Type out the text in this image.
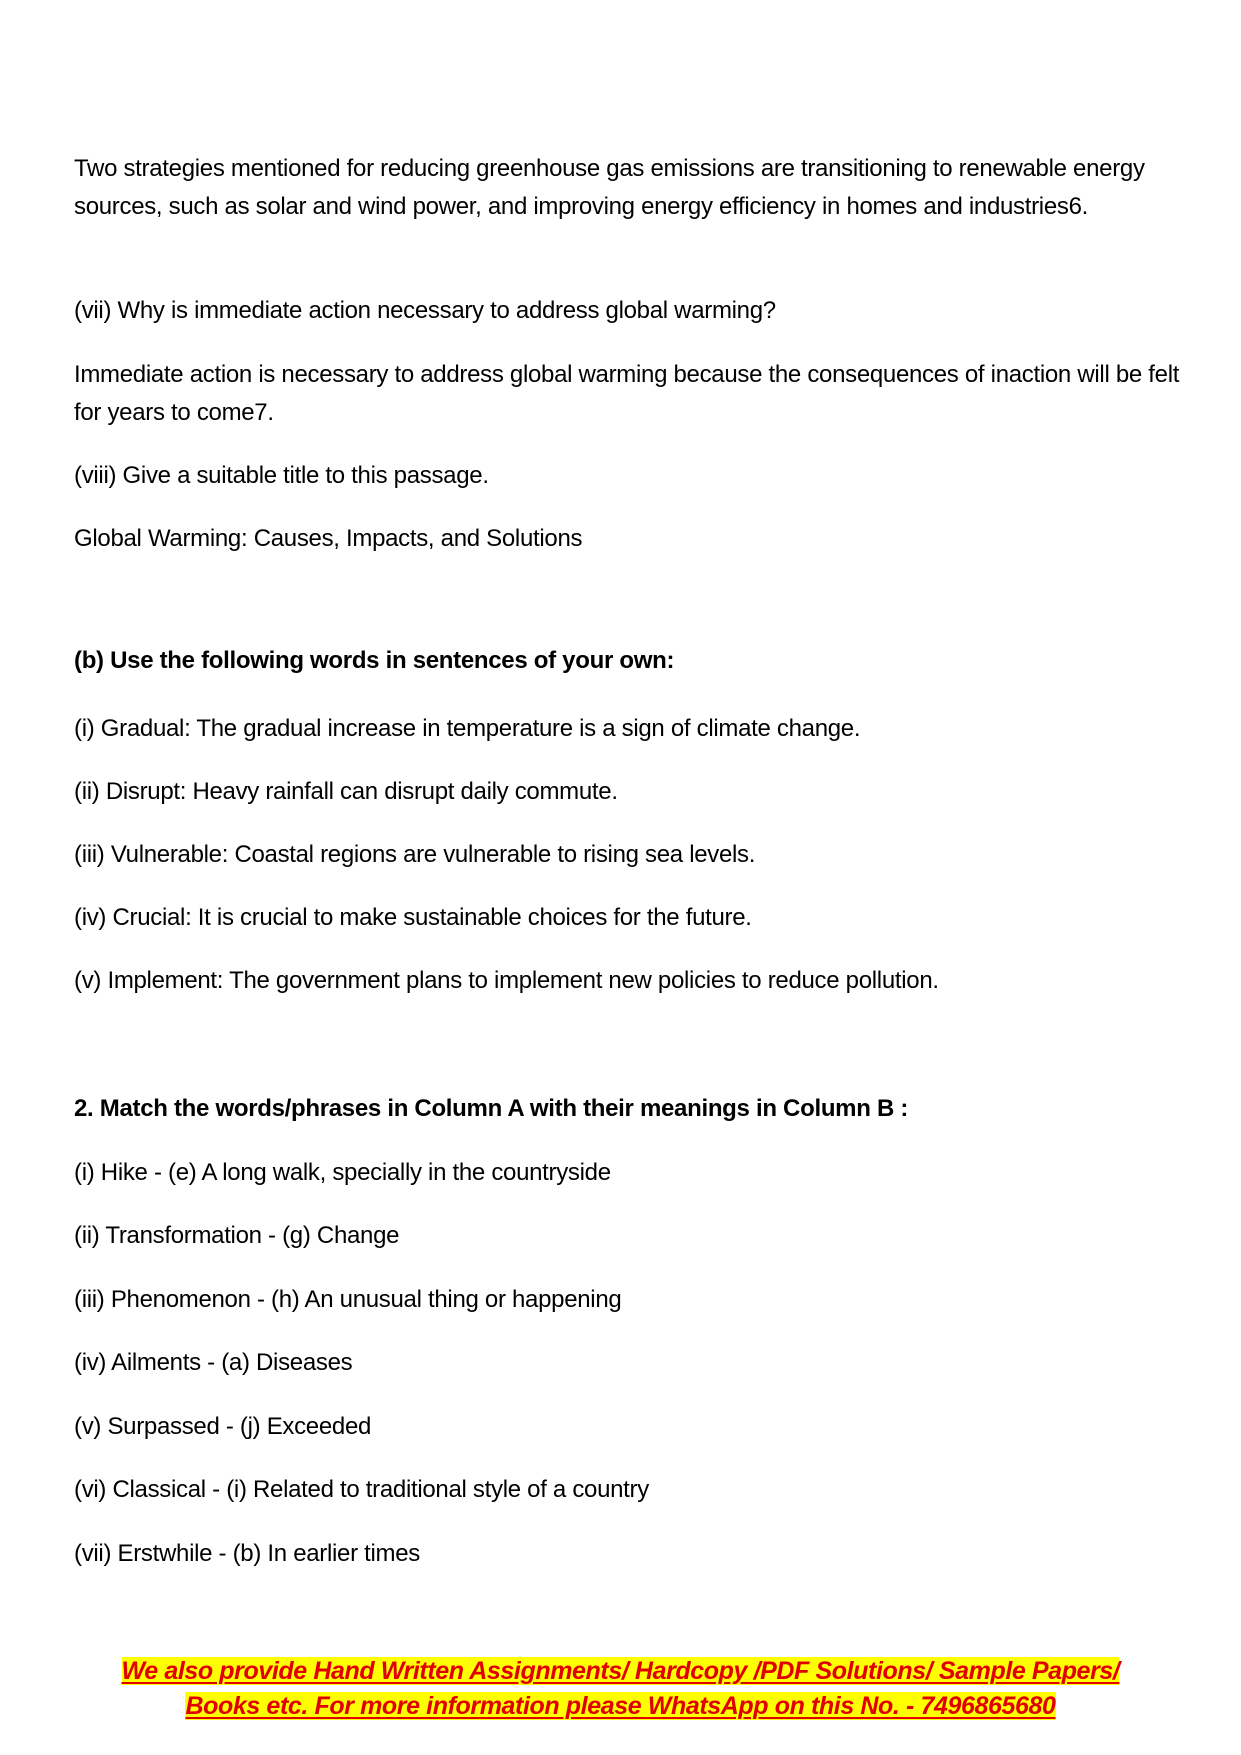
Two strategies mentioned for reducing greenhouse gas emissions are transitioning to renewable energy sources, such as solar and wind power, and improving energy efficiency in homes and industries6.

(vii) Why is immediate action necessary to address global warming?

Immediate action is necessary to address global warming because the consequences of inaction will be felt for years to come7.

(viii) Give a suitable title to this passage.

Global Warming: Causes, Impacts, and Solutions

(b) Use the following words in sentences of your own:

(i) Gradual: The gradual increase in temperature is a sign of climate change.

(ii) Disrupt: Heavy rainfall can disrupt daily commute.

(iii) Vulnerable: Coastal regions are vulnerable to rising sea levels.

(iv) Crucial: It is crucial to make sustainable choices for the future.

(v) Implement: The government plans to implement new policies to reduce pollution.

2. Match the words/phrases in Column A with their meanings in Column B :

(i) Hike - (e) A long walk, specially in the countryside

(ii) Transformation - (g) Change

(iii) Phenomenon - (h) An unusual thing or happening

(iv) Ailments - (a) Diseases

(v) Surpassed - (j) Exceeded

(vi) Classical - (i) Related to traditional style of a country

(vii) Erstwhile - (b) In earlier times

We also provide Hand Written Assignments/ Hardcopy /PDF Solutions/ Sample Papers/
Books etc. For more information please WhatsApp on this No. - 7496865680
